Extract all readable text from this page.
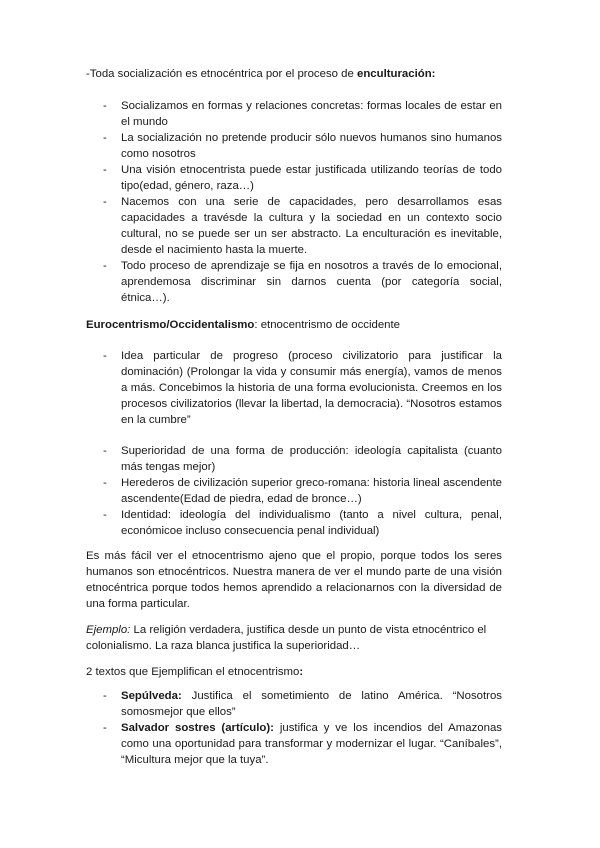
-Toda socialización es etnocéntrica por el proceso de enculturación:

- Socializamos en formas y relaciones concretas: formas locales de estar en el mundo
- La socialización no pretende producir sólo nuevos humanos sino humanos como nosotros
- Una visión etnocentrista puede estar justificada utilizando teorías de todo tipo(edad, género, raza…)
- Nacemos con una serie de capacidades, pero desarrollamos esas capacidades a travésde la cultura y la sociedad en un contexto socio cultural, no se puede ser un ser abstracto. La enculturación es inevitable, desde el nacimiento hasta la muerte.
- Todo proceso de aprendizaje se fija en nosotros a través de lo emocional, aprendemosa discriminar sin darnos cuenta (por categoría social, étnica…).

Eurocentrismo/Occidentalismo: etnocentrismo de occidente

- Idea particular de progreso (proceso civilizatorio para justificar la dominación) (Prolongar la vida y consumir más energía), vamos de menos a más. Concebimos la historia de una forma evolucionista. Creemos en los procesos civilizatorios (llevar la libertad, la democracia). “Nosotros estamos en la cumbre”
- Superioridad de una forma de producción: ideología capitalista (cuanto más tengas mejor)
- Herederos de civilización superior greco-romana: historia lineal ascendente ascendente(Edad de piedra, edad de bronce…)
- Identidad: ideología del individualismo (tanto a nivel cultura, penal, económicoe incluso consecuencia penal individual)

Es más fácil ver el etnocentrismo ajeno que el propio, porque todos los seres humanos son etnocéntricos. Nuestra manera de ver el mundo parte de una visión etnocéntrica porque todos hemos aprendido a relacionarnos con la diversidad de una forma particular.

Ejemplo: La religión verdadera, justifica desde un punto de vista etnocéntrico el colonialismo. La raza blanca justifica la superioridad…

2 textos que Ejemplifican el etnocentrismo:

- Sepúlveda: Justifica el sometimiento de latino América. “Nosotros somosmejor que ellos”
- Salvador sostres (artículo): justifica y ve los incendios del Amazonas como una oportunidad para transformar y modernizar el lugar. “Caníbales”, “Micultura mejor que la tuya”.
